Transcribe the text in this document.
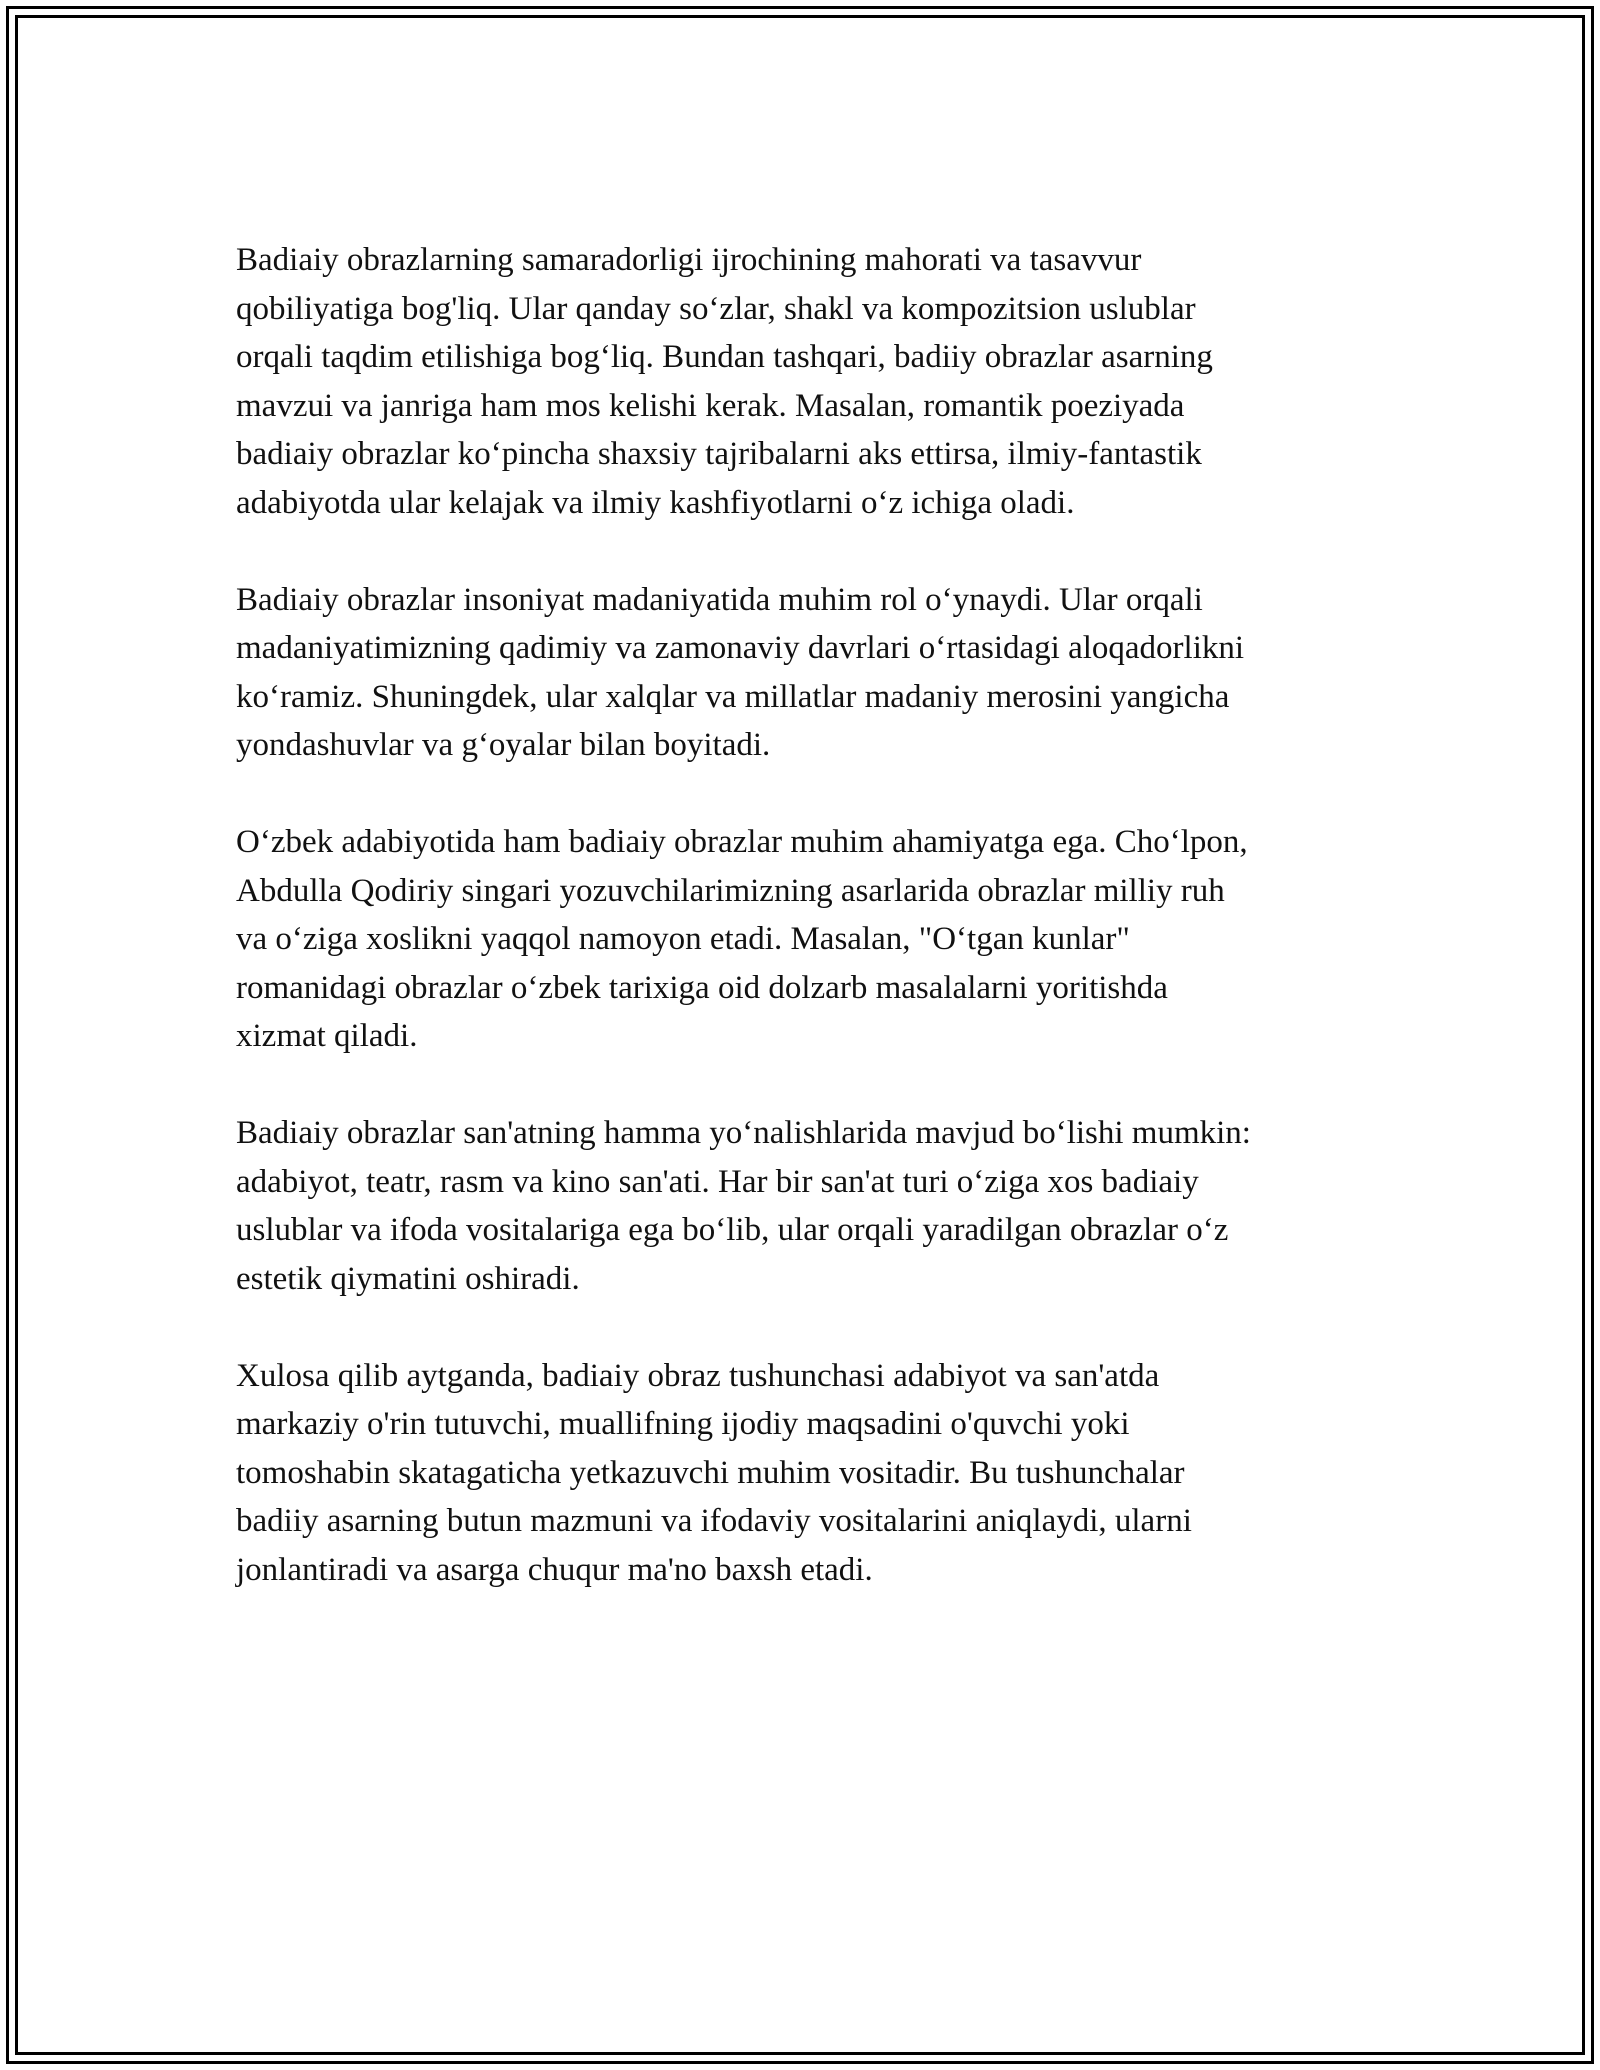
Badiaiy obrazlarning samaradorligi ijrochining mahorati va tasavvur
qobiliyatiga bog'liq. Ular qanday so‘zlar, shakl va kompozitsion uslublar
orqali taqdim etilishiga bog‘liq. Bundan tashqari, badiiy obrazlar asarning
mavzui va janriga ham mos kelishi kerak. Masalan, romantik poeziyada
badiaiy obrazlar ko‘pincha shaxsiy tajribalarni aks ettirsa, ilmiy-fantastik
adabiyotda ular kelajak va ilmiy kashfiyotlarni o‘z ichiga oladi.

Badiaiy obrazlar insoniyat madaniyatida muhim rol o‘ynaydi. Ular orqali
madaniyatimizning qadimiy va zamonaviy davrlari o‘rtasidagi aloqadorlikni
ko‘ramiz. Shuningdek, ular xalqlar va millatlar madaniy merosini yangicha
yondashuvlar va g‘oyalar bilan boyitadi.

O‘zbek adabiyotida ham badiaiy obrazlar muhim ahamiyatga ega. Cho‘lpon,
Abdulla Qodiriy singari yozuvchilarimizning asarlarida obrazlar milliy ruh
va o‘ziga xoslikni yaqqol namoyon etadi. Masalan, "O‘tgan kunlar"
romanidagi obrazlar o‘zbek tarixiga oid dolzarb masalalarni yoritishda
xizmat qiladi.

Badiaiy obrazlar san'atning hamma yo‘nalishlarida mavjud bo‘lishi mumkin:
adabiyot, teatr, rasm va kino san'ati. Har bir san'at turi o‘ziga xos badiaiy
uslublar va ifoda vositalariga ega bo‘lib, ular orqali yaradilgan obrazlar o‘z
estetik qiymatini oshiradi.

Xulosa qilib aytganda, badiaiy obraz tushunchasi adabiyot va san'atda
markaziy o'rin tutuvchi, muallifning ijodiy maqsadini o'quvchi yoki
tomoshabin skatagaticha yetkazuvchi muhim vositadir. Bu tushunchalar
badiiy asarning butun mazmuni va ifodaviy vositalarini aniqlaydi, ularni
jonlantiradi va asarga chuqur ma'no baxsh etadi.
